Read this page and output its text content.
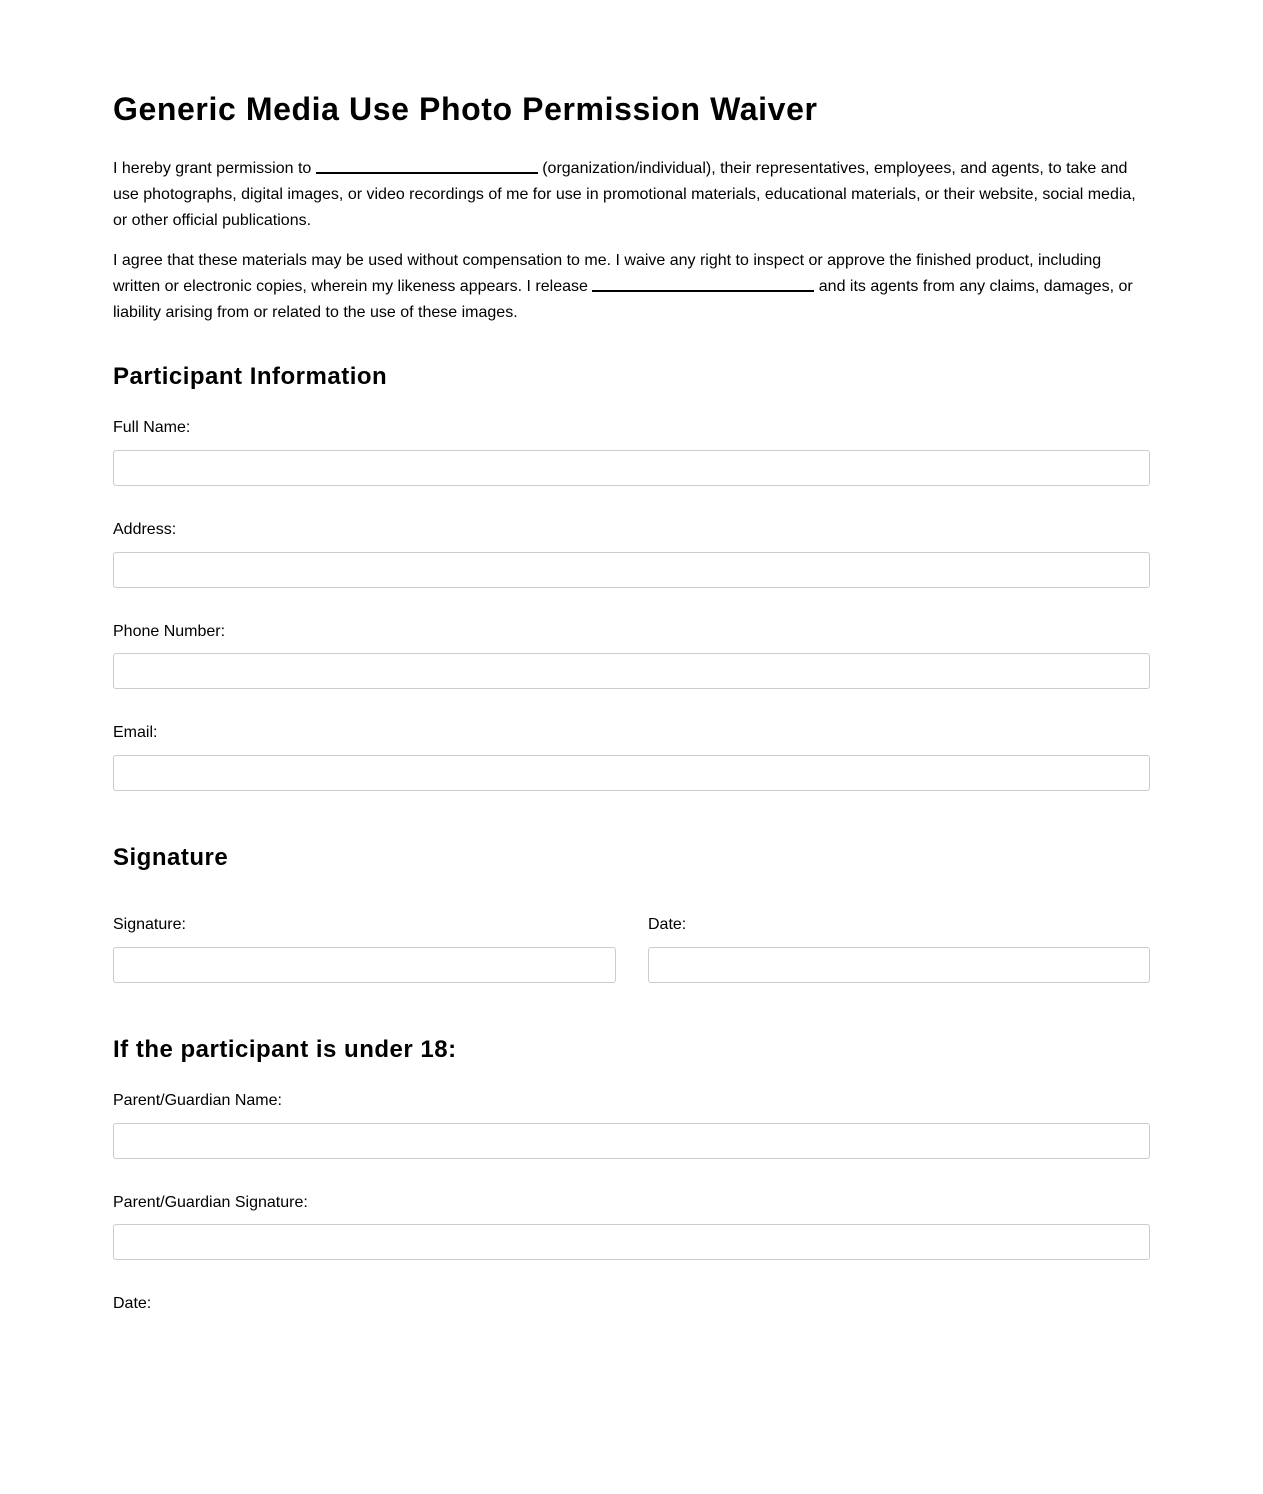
Generic Media Use Photo Permission Waiver

I hereby grant permission to	(organization/individual), their representatives, employees, and agents, to take and use photographs, digital images, or video recordings of me for use in promotional materials, educational materials, or their website, social media, or other official publications.

I agree that these materials may be used without compensation to me. I waive any right to inspect or approve the finished product, including written or electronic copies, wherein my likeness appears. I release	and its agents from any claims, damages, or liability arising from or related to the use of these images.

Participant Information
Full Name:
Address:
Phone Number:
Email:
Signature
Signature:	Date:
If the participant is under 18:
Parent/Guardian Name:
Parent/Guardian Signature:
Date:
